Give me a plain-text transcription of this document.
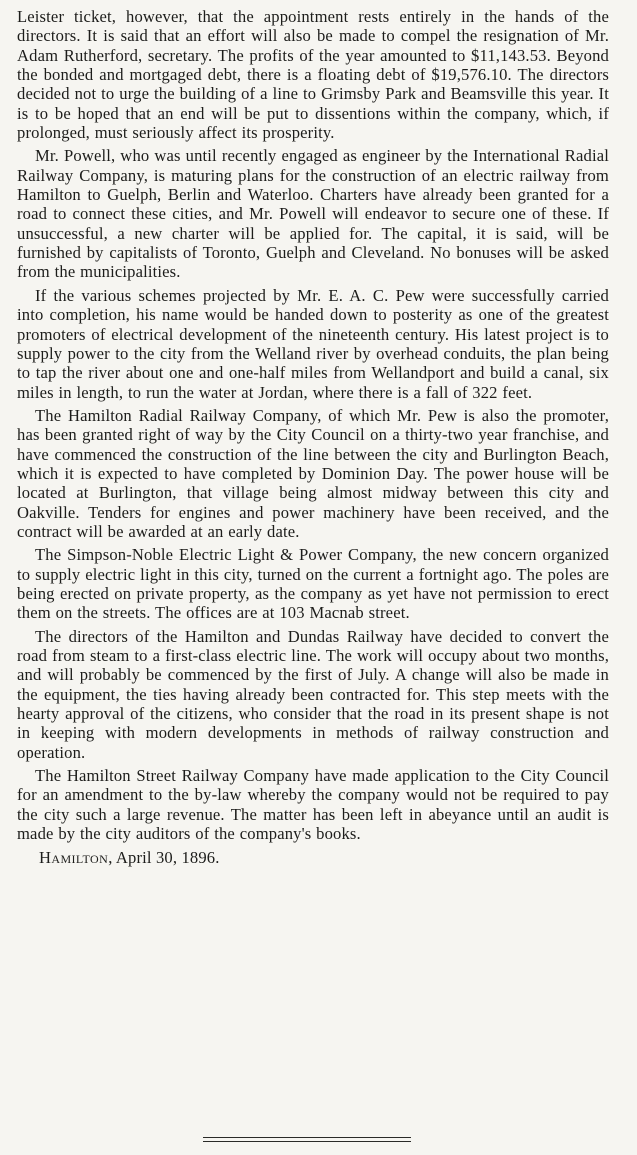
Leister ticket, however, that the appointment rests entirely in the hands of the directors. It is said that an effort will also be made to compel the resignation of Mr. Adam Rutherford, secretary. The profits of the year amounted to $11,143.53. Beyond the bonded and mortgaged debt, there is a floating debt of $19,576.10. The directors decided not to urge the building of a line to Grimsby Park and Beamsville this year. It is to be hoped that an end will be put to dissentions within the company, which, if prolonged, must seriously affect its prosperity.

Mr. Powell, who was until recently engaged as engineer by the International Radial Railway Company, is maturing plans for the construction of an electric railway from Hamilton to Guelph, Berlin and Waterloo. Charters have already been granted for a road to connect these cities, and Mr. Powell will endeavor to secure one of these. If unsuccessful, a new charter will be applied for. The capital, it is said, will be furnished by capitalists of Toronto, Guelph and Cleveland. No bonuses will be asked from the municipalities.

If the various schemes projected by Mr. E. A. C. Pew were successfully carried into completion, his name would be handed down to posterity as one of the greatest promoters of electrical development of the nineteenth century. His latest project is to supply power to the city from the Welland river by overhead conduits, the plan being to tap the river about one and one-half miles from Wellandport and build a canal, six miles in length, to run the water at Jordan, where there is a fall of 322 feet.

The Hamilton Radial Railway Company, of which Mr. Pew is also the promoter, has been granted right of way by the City Council on a thirty-two year franchise, and have commenced the construction of the line between the city and Burlington Beach, which it is expected to have completed by Dominion Day. The power house will be located at Burlington, that village being almost midway between this city and Oakville. Tenders for engines and power machinery have been received, and the contract will be awarded at an early date.

The Simpson-Noble Electric Light & Power Company, the new concern organized to supply electric light in this city, turned on the current a fortnight ago. The poles are being erected on private property, as the company as yet have not permission to erect them on the streets. The offices are at 103 Macnab street.

The directors of the Hamilton and Dundas Railway have decided to convert the road from steam to a first-class electric line. The work will occupy about two months, and will probably be commenced by the first of July. A change will also be made in the equipment, the ties having already been contracted for. This step meets with the hearty approval of the citizens, who consider that the road in its present shape is not in keeping with modern developments in methods of railway construction and operation.

The Hamilton Street Railway Company have made application to the City Council for an amendment to the by-law whereby the company would not be required to pay the city such a large revenue. The matter has been left in abeyance until an audit is made by the city auditors of the company's books.

Hamilton, April 30, 1896.
